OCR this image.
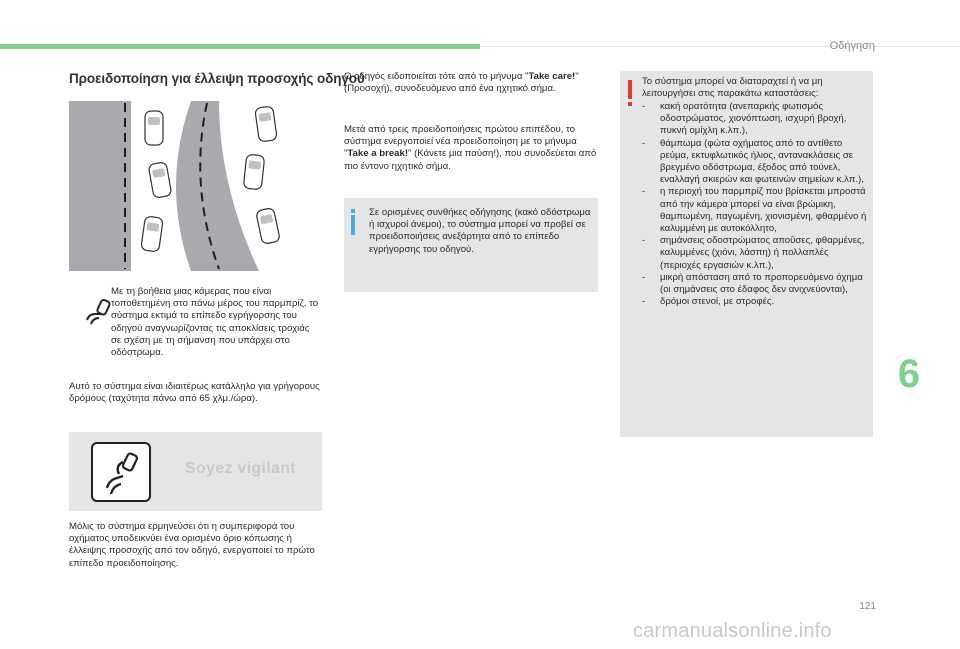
Οδήγηση
Προειδοποίηση για έλλειψη προσοχής οδηγού
Με τη βοήθεια μιας κάμερας που είναι τοποθετημένη στο πάνω μέρος του παρμπρίζ, το σύστημα εκτιμά το επίπεδο εγρήγορσης του οδηγού αναγνωρίζοντας τις αποκλίσεις τροχιάς σε σχέση με τη σήμανση που υπάρχει στο οδόστρωμα.
Αυτό το σύστημα είναι ιδιαιτέρως κατάλληλο για γρήγορους δρόμους (ταχύτητα πάνω από 65 χλμ./ώρα).
Soyez vigilant
Μόλις το σύστημα ερμηνεύσει ότι η συμπεριφορά του οχήματος υποδεικνύει ένα ορισμένο όριο κόπωσης ή έλλειψης προσοχής από τον οδηγό, ενεργοποιεί το πρώτο επίπεδο προειδοποίησης.
Ο οδηγός ειδοποιείται τότε από το μήνυμα "Take care!" (Προσοχή), συνοδευόμενο από ένα ηχητικό σήμα.
Μετά από τρεις προειδοποιήσεις πρώτου επιπέδου, το σύστημα ενεργοποιεί νέα προειδοποίηση με το μήνυμα "Take a break!" (Κάνετε μια παύση!), που συνοδεύεται από πιο έντονο ηχητικό σήμα.
Σε ορισμένες συνθήκες οδήγησης (κακό οδόστρωμα ή ισχυροί άνεμοι), το σύστημα μπορεί να προβεί σε προειδοποιήσεις ανεξάρτητα από το επίπεδο εγρήγορσης του οδηγού.
Το σύστημα μπορεί να διαταραχτεί ή να μη λειτουργήσει στις παρακάτω καταστάσεις:
- κακή ορατότητα (ανεπαρκής φωτισμός οδοστρώματος, χιονόπτωση, ισχυρή βροχή, πυκνή ομίχλη κ.λπ.),
- θάμπωμα (φώτα οχήματος από το αντίθετο ρεύμα, εκτυφλωτικός ήλιος, αντανακλάσεις σε βρεγμένο οδόστρωμα, έξοδος από τούνελ, εναλλαγή σκιερών και φωτεινών σημείων κ.λπ.),
- η περιοχή του παρμπρίζ που βρίσκεται μπροστά από την κάμερα μπορεί να είναι βρώμικη, θαμπωμένη, παγωμένη, χιονισμένη, φθαρμένο ή καλυμμένη με αυτοκόλλητο,
- σημάνσεις οδοστρώματος αποΰσες, φθαρμένες, καλυμμένες (χιόνι, λάσπη) ή πολλαπλές (περιοχές εργασιών κ.λπ.),
- μικρή απόσταση από το προπορευόμενο όχημα (οι σημάνσεις στο έδαφος δεν ανιχνεύονται),
- δρόμοι στενοί, με στροφές.
6
121
carmanualsonline.info
